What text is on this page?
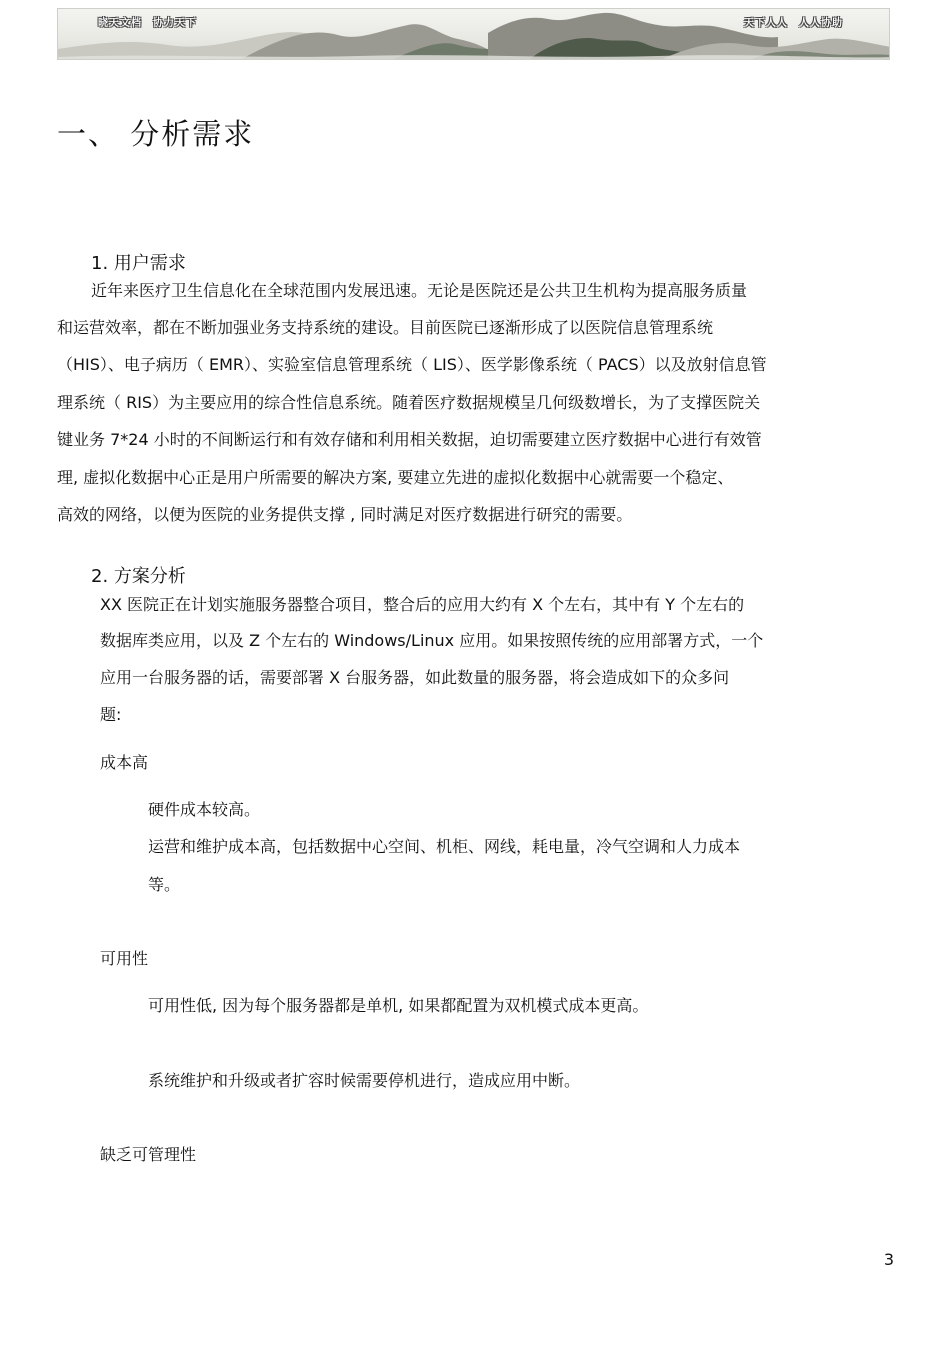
晓天文档　协力天下	天下人人　人人协助
一、 分析需求
1. 用户需求
近年来医疗卫生信息化在全球范围内发展迅速。无论是医院还是公共卫生机构为提高服务质量
和运营效率，都在不断加强业务支持系统的建设。目前医院已逐渐形成了以医院信息管理系统
（HIS）、电子病历（ EMR）、实验室信息管理系统（ LIS）、医学影像系统（ PACS）以及放射信息管
理系统（ RIS）为主要应用的综合性信息系统。随着医疗数据规模呈几何级数增长，为了支撑医院关
键业务 7*24 小时的不间断运行和有效存储和利用相关数据，迫切需要建立医疗数据中心进行有效管
理, 虚拟化数据中心正是用户所需要的解决方案, 要建立先进的虚拟化数据中心就需要一个稳定、
高效的网络，以便为医院的业务提供支撑 , 同时满足对医疗数据进行研究的需要。
2. 方案分析
XX 医院正在计划实施服务器整合项目，整合后的应用大约有 X 个左右，其中有 Y 个左右的
数据库类应用，以及 Z 个左右的 Windows/Linux 应用。如果按照传统的应用部署方式，一个
应用一台服务器的话，需要部署 X 台服务器，如此数量的服务器，将会造成如下的众多问
题:
成本高
硬件成本较高。
运营和维护成本高，包括数据中心空间、机柜、网线，耗电量，冷气空调和人力成本
等。
可用性
可用性低, 因为每个服务器都是单机, 如果都配置为双机模式成本更高。
系统维护和升级或者扩容时候需要停机进行，造成应用中断。
缺乏可管理性
3
